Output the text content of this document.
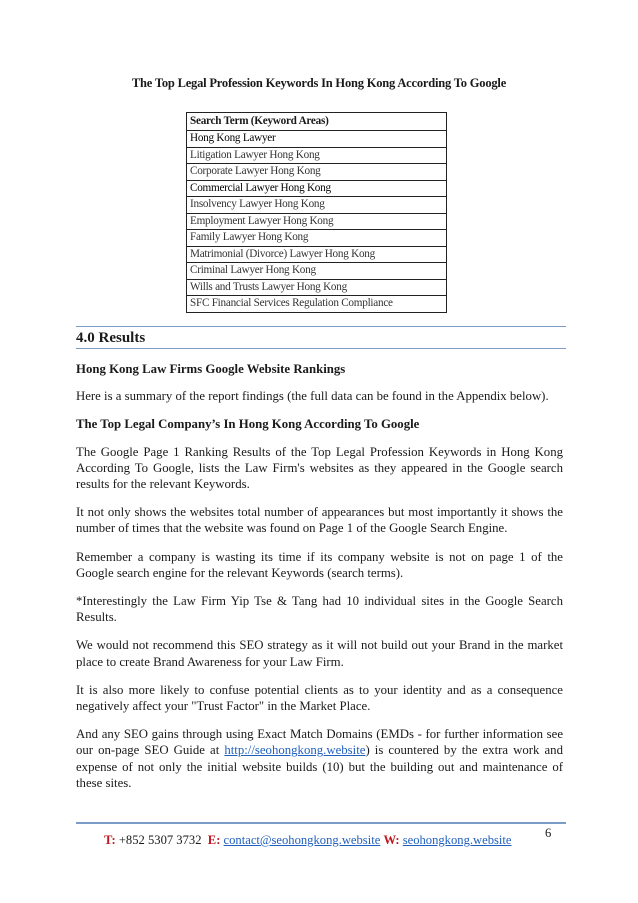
The Top Legal Profession Keywords In Hong Kong According To Google
Search Term (Keyword Areas)
Hong Kong Lawyer
Litigation Lawyer Hong Kong
Corporate Lawyer Hong Kong
Commercial Lawyer Hong Kong
Insolvency Lawyer Hong Kong
Employment Lawyer Hong Kong
Family Lawyer Hong Kong
Matrimonial (Divorce) Lawyer Hong Kong
Criminal Lawyer Hong Kong
Wills and Trusts Lawyer Hong Kong
SFC Financial Services Regulation Compliance
4.0 Results

Hong Kong Law Firms Google Website Rankings

Here is a summary of the report findings (the full data can be found in the Appendix below).

The Top Legal Company’s In Hong Kong According To Google

The Google Page 1 Ranking Results of the Top Legal Profession Keywords in Hong Kong According To Google, lists the Law Firm's websites as they appeared in the Google search results for the relevant Keywords.

It not only shows the websites total number of appearances but most importantly it shows the number of times that the website was found on Page 1 of the Google Search Engine.

Remember a company is wasting its time if its company website is not on page 1 of the Google search engine for the relevant Keywords (search terms).

*Interestingly the Law Firm Yip Tse & Tang had 10 individual sites in the Google Search Results.

We would not recommend this SEO strategy as it will not build out your Brand in the market place to create Brand Awareness for your Law Firm.

It is also more likely to confuse potential clients as to your identity and as a consequence negatively affect your "Trust Factor" in the Market Place.

And any SEO gains through using Exact Match Domains (EMDs - for further information see our on-page SEO Guide at http://seohongkong.website) is countered by the extra work and expense of not only the initial website builds (10) but the building out and maintenance of these sites.

T: +852 5307 3732 E: contact@seohongkong.website W: seohongkong.website	6
